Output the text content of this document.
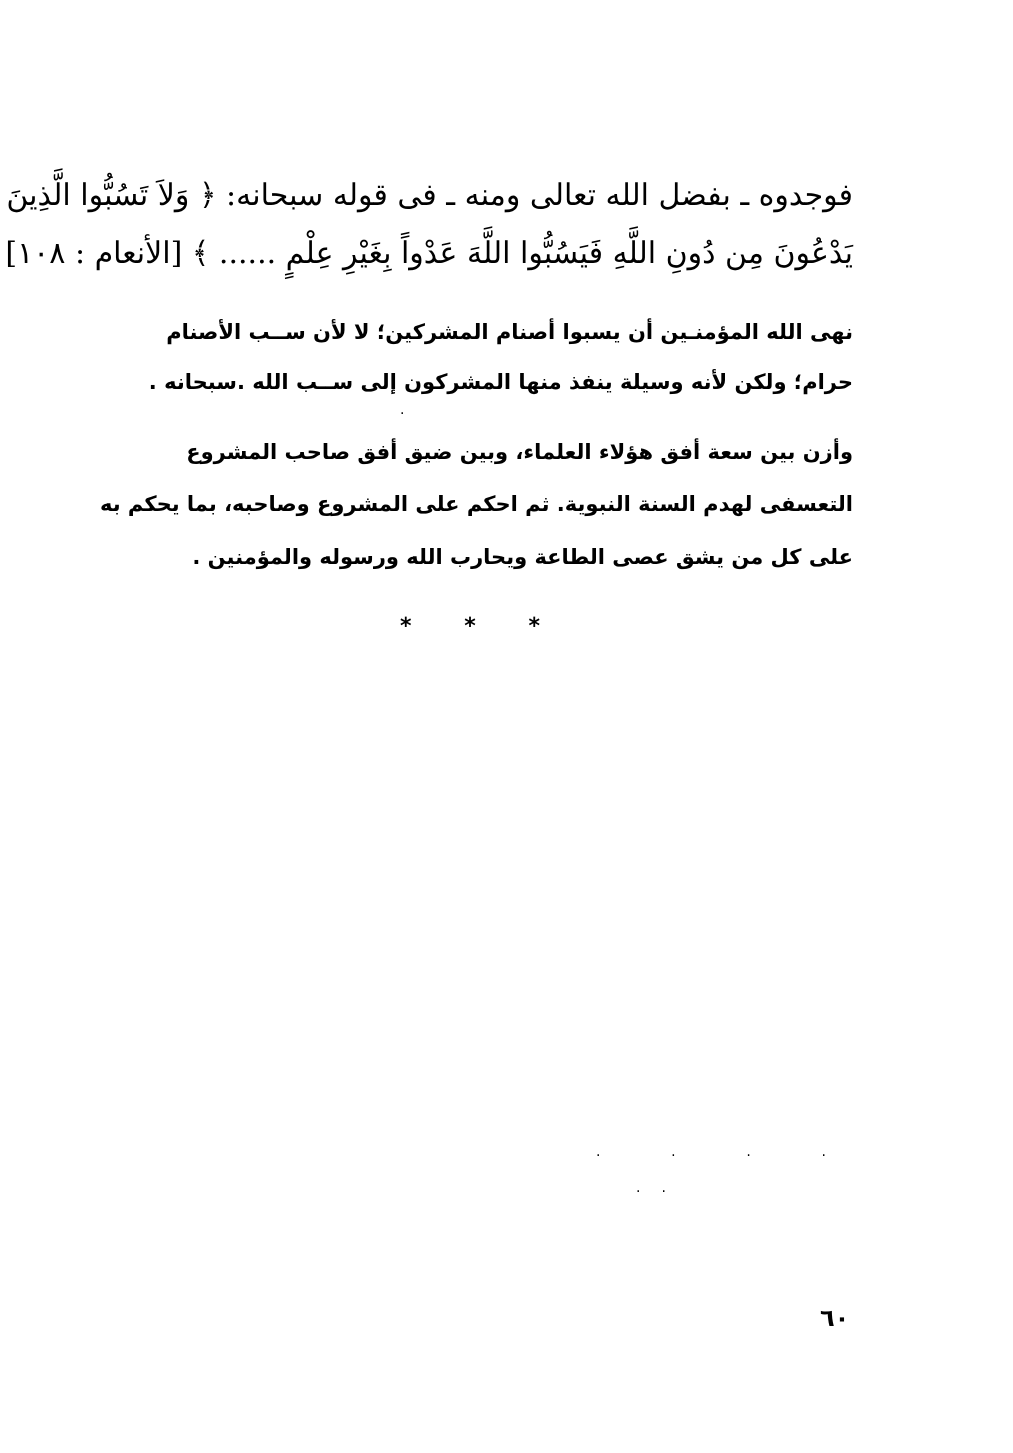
فوجدوه ـ بفضل الله تعالى ومنه ـ فى قوله سبحانه: ﴿ وَلاَ تَسُبُّوا الَّذِينَ
يَدْعُونَ مِن دُونِ اللَّهِ فَيَسُبُّوا اللَّهَ عَدْواً بِغَيْرِ عِلْمٍ ...... ﴾ [الأنعام : ١٠٨]
نهى الله المؤمنـين أن يسبوا أصنام المشركين؛ لا لأن ســب الأصنام
حرام؛ ولكن لأنه وسيلة ينفذ منها المشركون إلى ســب الله .سبحانه .
·
وأزن بين سعة أفق هؤلاء العلماء، وبين ضيق أفق صاحب المشروع
التعسفى لهدم السنة النبوية. ثم احكم على المشروع وصاحبه، بما يحكم به
على كل من يشق عصى الطاعة ويحارب الله ورسوله والمؤمنين .
* * *
·	·	·	·
· ·
٦٠
